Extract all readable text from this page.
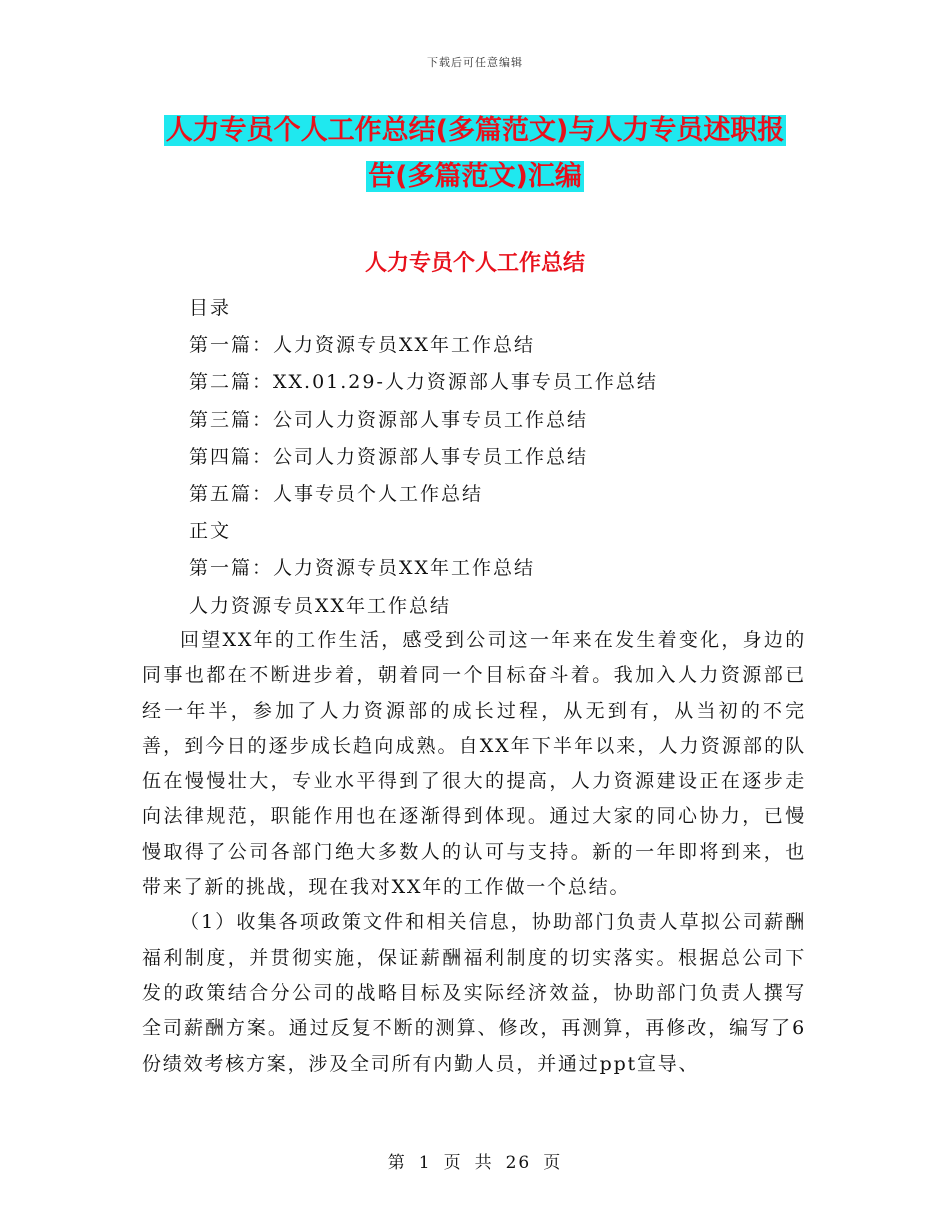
下载后可任意编辑
人力专员个人工作总结(多篇范文)与人力专员述职报
告(多篇范文)汇编
人力专员个人工作总结
目录
第一篇：人力资源专员XX年工作总结
第二篇：XX.01.29-人力资源部人事专员工作总结
第三篇：公司人力资源部人事专员工作总结
第四篇：公司人力资源部人事专员工作总结
第五篇：人事专员个人工作总结
正文
第一篇：人力资源专员XX年工作总结
人力资源专员XX年工作总结

回望XX年的工作生活，感受到公司这一年来在发生着变化，身边的同事也都在不断进步着，朝着同一个目标奋斗着。我加入人力资源部已经一年半，参加了人力资源部的成长过程，从无到有，从当初的不完善，到今日的逐步成长趋向成熟。自XX年下半年以来，人力资源部的队伍在慢慢壮大，专业水平得到了很大的提高，人力资源建设正在逐步走向法律规范，职能作用也在逐渐得到体现。通过大家的同心协力，已慢慢取得了公司各部门绝大多数人的认可与支持。新的一年即将到来，也带来了新的挑战，现在我对XX年的工作做一个总结。

（1）收集各项政策文件和相关信息，协助部门负责人草拟公司薪酬福利制度，并贯彻实施，保证薪酬福利制度的切实落实。根据总公司下发的政策结合分公司的战略目标及实际经济效益，协助部门负责人撰写全司薪酬方案。通过反复不断的测算、修改，再测算，再修改，编写了6份绩效考核方案，涉及全司所有内勤人员，并通过ppt宣导、

第 1 页 共 26 页
